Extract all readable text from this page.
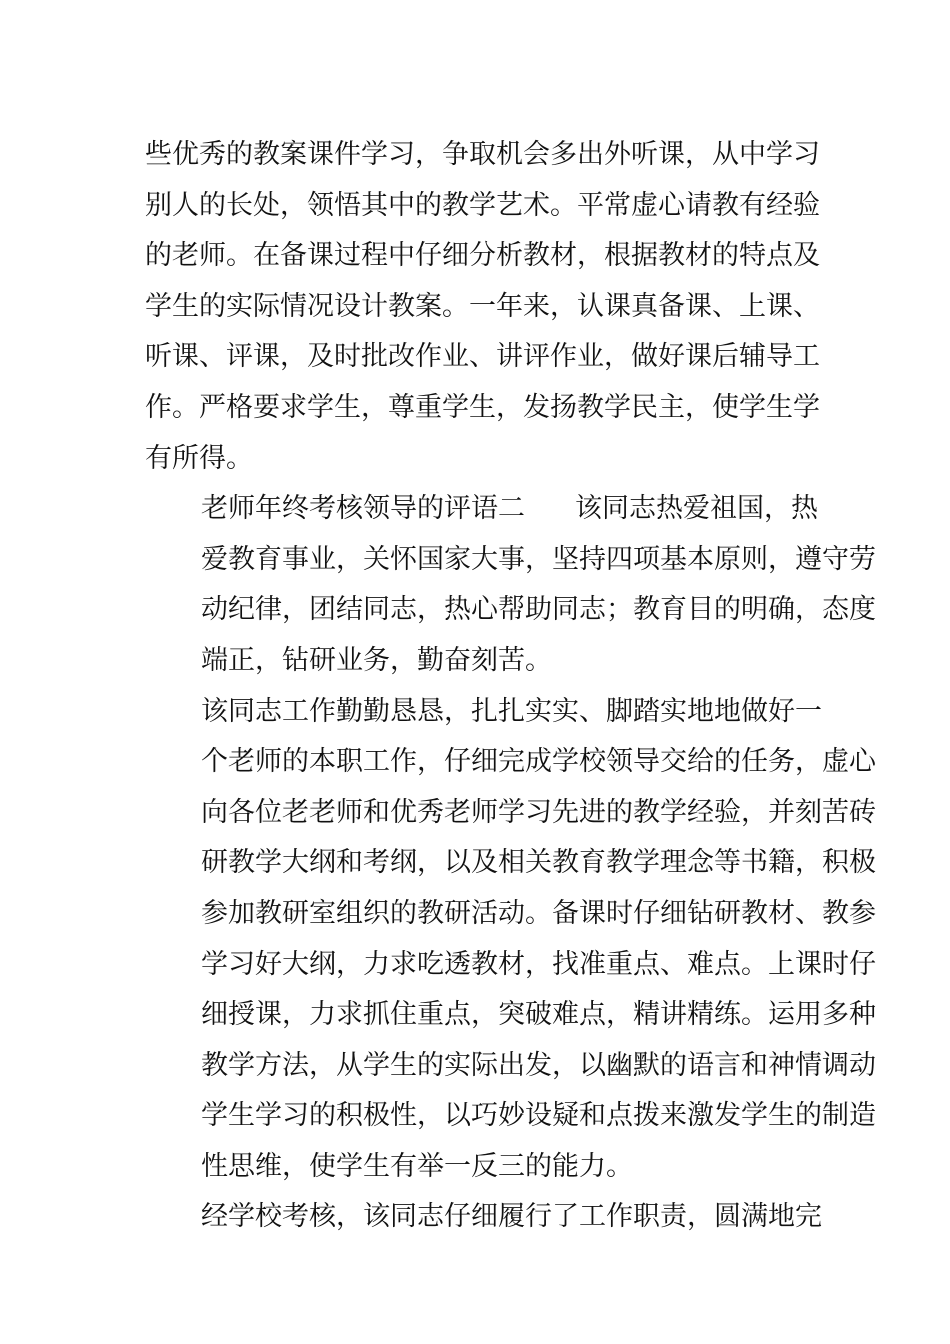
些优秀的教案课件学习，争取机会多出外听课，从中学习
别人的长处，领悟其中的教学艺术。平常虚心请教有经验
的老师。在备课过程中仔细分析教材，根据教材的特点及
学生的实际情况设计教案。一年来，认课真备课、上课、
听课、评课，及时批改作业、讲评作业，做好课后辅导工
作。严格要求学生，尊重学生，发扬教学民主，使学生学
有所得。

老师年终考核领导的评语二 该同志热爱祖国，热
爱教育事业，关怀国家大事，坚持四项基本原则，遵守劳
动纪律，团结同志，热心帮助同志；教育目的明确，态度
端正，钻研业务，勤奋刻苦。

该同志工作勤勤恳恳，扎扎实实、脚踏实地地做好一
个老师的本职工作，仔细完成学校领导交给的任务，虚心
向各位老老师和优秀老师学习先进的教学经验，并刻苦砖
研教学大纲和考纲，以及相关教育教学理念等书籍，积极
参加教研室组织的教研活动。备课时仔细钻研教材、教参
学习好大纲，力求吃透教材，找准重点、难点。上课时仔
细授课，力求抓住重点，突破难点，精讲精练。运用多种
教学方法，从学生的实际出发，以幽默的语言和神情调动
学生学习的积极性，以巧妙设疑和点拨来激发学生的制造
性思维，使学生有举一反三的能力。

经学校考核，该同志仔细履行了工作职责，圆满地完
